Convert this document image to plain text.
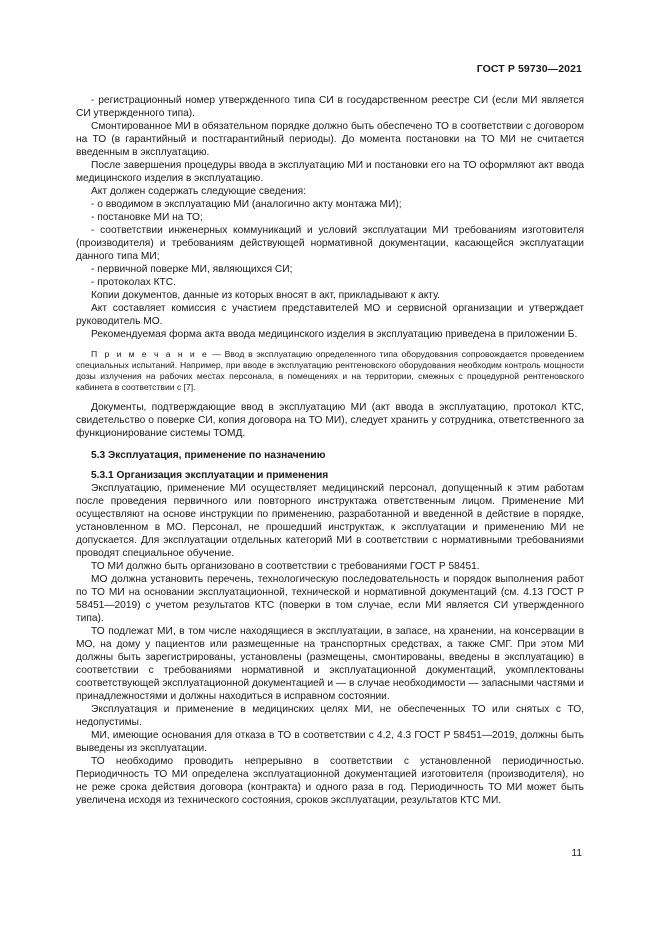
ГОСТ Р 59730—2021

- регистрационный номер утвержденного типа СИ в государственном реестре СИ (если МИ является СИ утвержденного типа).

Смонтированное МИ в обязательном порядке должно быть обеспечено ТО в соответствии с договором на ТО (в гарантийный и постгарантийный периоды). До момента постановки на ТО МИ не считается введенным в эксплуатацию.

После завершения процедуры ввода в эксплуатацию МИ и постановки его на ТО оформляют акт ввода медицинского изделия в эксплуатацию.

Акт должен содержать следующие сведения:

- о вводимом в эксплуатацию МИ (аналогично акту монтажа МИ);

- постановке МИ на ТО;

- соответствии инженерных коммуникаций и условий эксплуатации МИ требованиям изготовителя (производителя) и требованиям действующей нормативной документации, касающейся эксплуатации данного типа МИ;

- первичной поверке МИ, являющихся СИ;

- протоколах КТС.

Копии документов, данные из которых вносят в акт, прикладывают к акту.

Акт составляет комиссия с участием представителей МО и сервисной организации и утверждает руководитель МО.

Рекомендуемая форма акта ввода медицинского изделия в эксплуатацию приведена в приложении Б.

П р и м е ч а н и е — Ввод в эксплуатацию определенного типа оборудования сопровождается проведением специальных испытаний. Например, при вводе в эксплуатацию рентгеновского оборудования необходим контроль мощности дозы излучения на рабочих местах персонала, в помещениях и на территории, смежных с процедурной рентгеновского кабинета в соответствии с [7].

Документы, подтверждающие ввод в эксплуатацию МИ (акт ввода в эксплуатацию, протокол КТС, свидетельство о поверке СИ, копия договора на ТО МИ), следует хранить у сотрудника, ответственного за функционирование системы ТОМД.

5.3 Эксплуатация, применение по назначению
5.3.1 Организация эксплуатации и применения

Эксплуатацию, применение МИ осуществляет медицинский персонал, допущенный к этим работам после проведения первичного или повторного инструктажа ответственным лицом. Применение МИ осуществляют на основе инструкции по применению, разработанной и введенной в действие в порядке, установленном в МО. Персонал, не прошедший инструктаж, к эксплуатации и применению МИ не допускается. Для эксплуатации отдельных категорий МИ в соответствии с нормативными требованиями проводят специальное обучение.

ТО МИ должно быть организовано в соответствии с требованиями ГОСТ Р 58451.

МО должна установить перечень, технологическую последовательность и порядок выполнения работ по ТО МИ на основании эксплуатационной, технической и нормативной документаций (см. 4.13 ГОСТ Р 58451—2019) с учетом результатов КТС (поверки в том случае, если МИ является СИ утвержденного типа).

ТО подлежат МИ, в том числе находящиеся в эксплуатации, в запасе, на хранении, на консервации в МО, на дому у пациентов или размещенные на транспортных средствах, а также СМГ. При этом МИ должны быть зарегистрированы, установлены (размещены, смонтированы, введены в эксплуатацию) в соответствии с требованиями нормативной и эксплуатационной документаций, укомплектованы соответствующей эксплуатационной документацией и — в случае необходимости — запасными частями и принадлежностями и должны находиться в исправном состоянии.

Эксплуатация и применение в медицинских целях МИ, не обеспеченных ТО или снятых с ТО, недопустимы.

МИ, имеющие основания для отказа в ТО в соответствии с 4.2, 4.3 ГОСТ Р 58451—2019, должны быть выведены из эксплуатации.

ТО необходимо проводить непрерывно в соответствии с установленной периодичностью. Периодичность ТО МИ определена эксплуатационной документацией изготовителя (производителя), но не реже срока действия договора (контракта) и одного раза в год. Периодичность ТО МИ может быть увеличена исходя из технического состояния, сроков эксплуатации, результатов КТС МИ.

11
